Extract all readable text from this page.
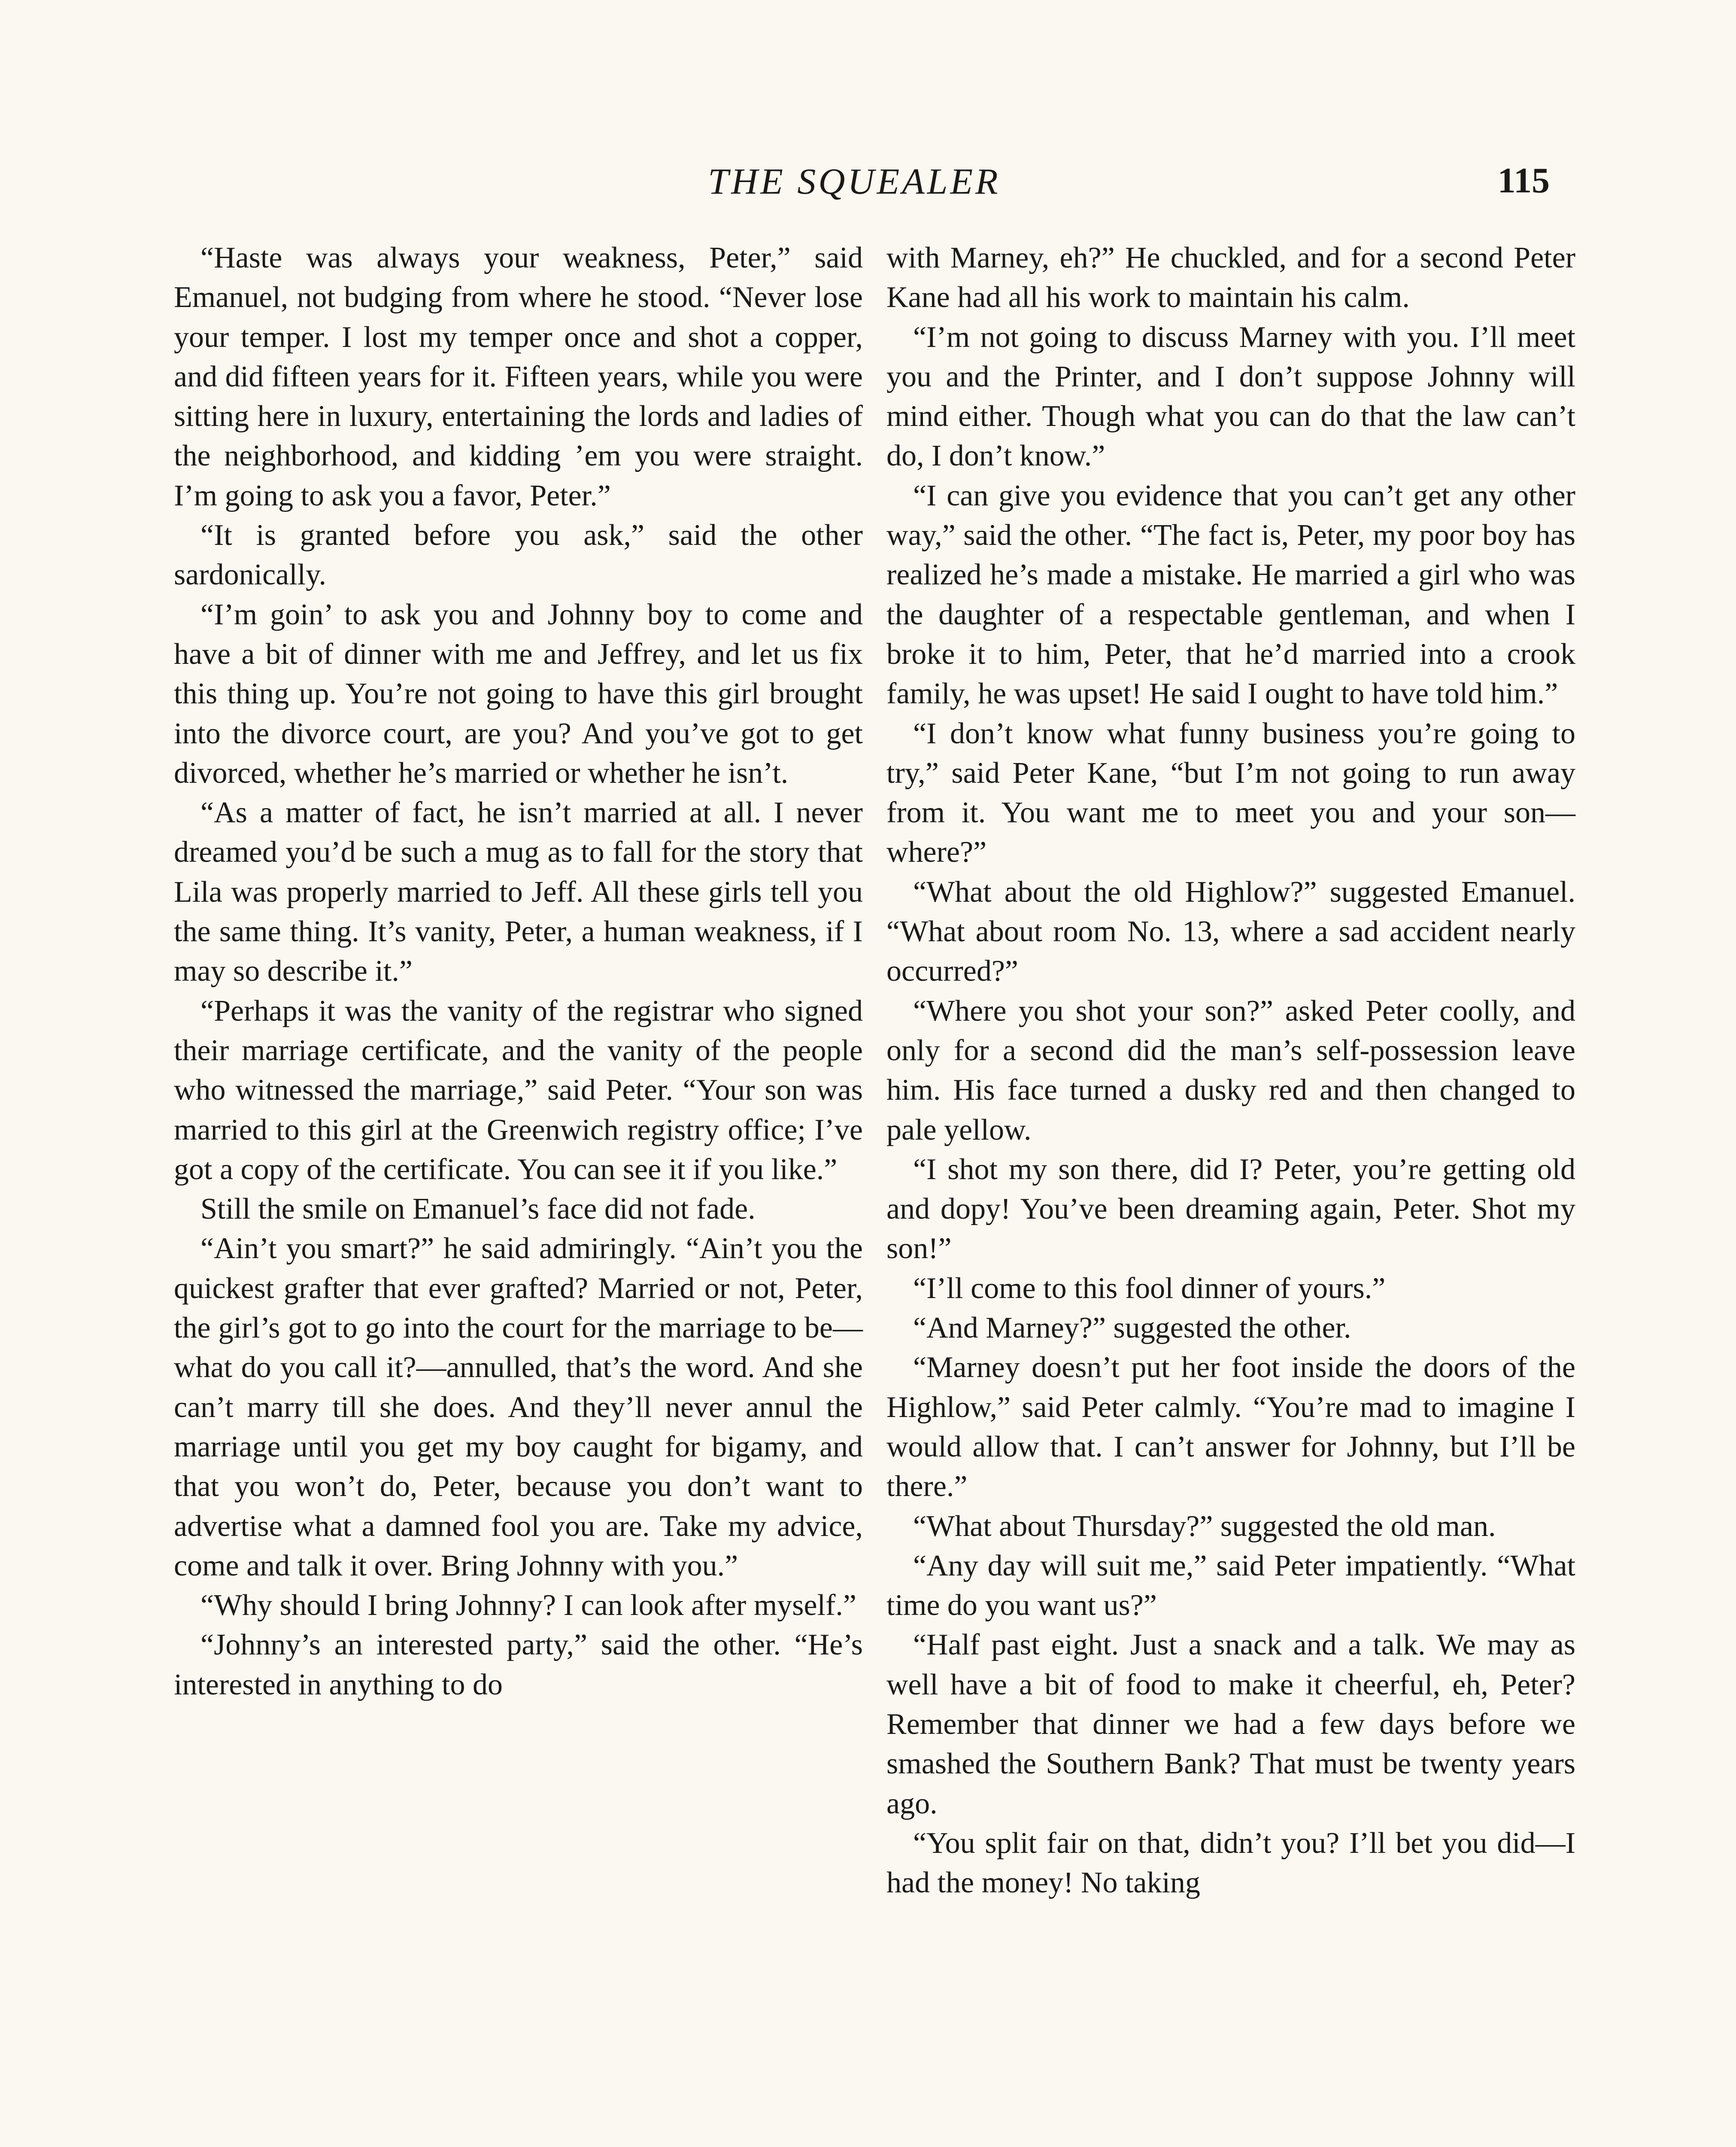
THE SQUEALER	115

“Haste was always your weakness, Peter,” said Emanuel, not budging from where he stood. “Never lose your temper. I lost my temper once and shot a copper, and did fifteen years for it. Fifteen years, while you were sitting here in luxury, entertaining the lords and ladies of the neighborhood, and kidding ’em you were straight. I’m going to ask you a favor, Peter.”

“It is granted before you ask,” said the other sardonically.

“I’m goin’ to ask you and Johnny boy to come and have a bit of dinner with me and Jeffrey, and let us fix this thing up. You’re not going to have this girl brought into the divorce court, are you? And you’ve got to get divorced, whether he’s married or whether he isn’t.

“As a matter of fact, he isn’t married at all. I never dreamed you’d be such a mug as to fall for the story that Lila was properly married to Jeff. All these girls tell you the same thing. It’s vanity, Peter, a human weakness, if I may so describe it.”

“Perhaps it was the vanity of the registrar who signed their marriage certificate, and the vanity of the people who witnessed the marriage,” said Peter. “Your son was married to this girl at the Greenwich registry office; I’ve got a copy of the certificate. You can see it if you like.”

Still the smile on Emanuel’s face did not fade.

“Ain’t you smart?” he said admiringly. “Ain’t you the quickest grafter that ever grafted? Married or not, Peter, the girl’s got to go into the court for the marriage to be—what do you call it?—annulled, that’s the word. And she can’t marry till she does. And they’ll never annul the marriage until you get my boy caught for bigamy, and that you won’t do, Peter, because you don’t want to advertise what a damned fool you are. Take my advice, come and talk it over. Bring Johnny with you.”

“Why should I bring Johnny? I can look after myself.”

“Johnny’s an interested party,” said the other. “He’s interested in anything to do

with Marney, eh?” He chuckled, and for a second Peter Kane had all his work to maintain his calm.

“I’m not going to discuss Marney with you. I’ll meet you and the Printer, and I don’t suppose Johnny will mind either. Though what you can do that the law can’t do, I don’t know.”

“I can give you evidence that you can’t get any other way,” said the other. “The fact is, Peter, my poor boy has realized he’s made a mistake. He married a girl who was the daughter of a respectable gentleman, and when I broke it to him, Peter, that he’d married into a crook family, he was upset! He said I ought to have told him.”

“I don’t know what funny business you’re going to try,” said Peter Kane, “but I’m not going to run away from it. You want me to meet you and your son—where?”

“What about the old Highlow?” suggested Emanuel. “What about room No. 13, where a sad accident nearly occurred?”

“Where you shot your son?” asked Peter coolly, and only for a second did the man’s self-possession leave him. His face turned a dusky red and then changed to pale yellow.

“I shot my son there, did I? Peter, you’re getting old and dopy! You’ve been dreaming again, Peter. Shot my son!”

“I’ll come to this fool dinner of yours.”

“And Marney?” suggested the other.

“Marney doesn’t put her foot inside the doors of the Highlow,” said Peter calmly. “You’re mad to imagine I would allow that. I can’t answer for Johnny, but I’ll be there.”

“What about Thursday?” suggested the old man.

“Any day will suit me,” said Peter impatiently. “What time do you want us?”

“Half past eight. Just a snack and a talk. We may as well have a bit of food to make it cheerful, eh, Peter? Remember that dinner we had a few days before we smashed the Southern Bank? That must be twenty years ago.

“You split fair on that, didn’t you? I’ll bet you did—I had the money! No taking
